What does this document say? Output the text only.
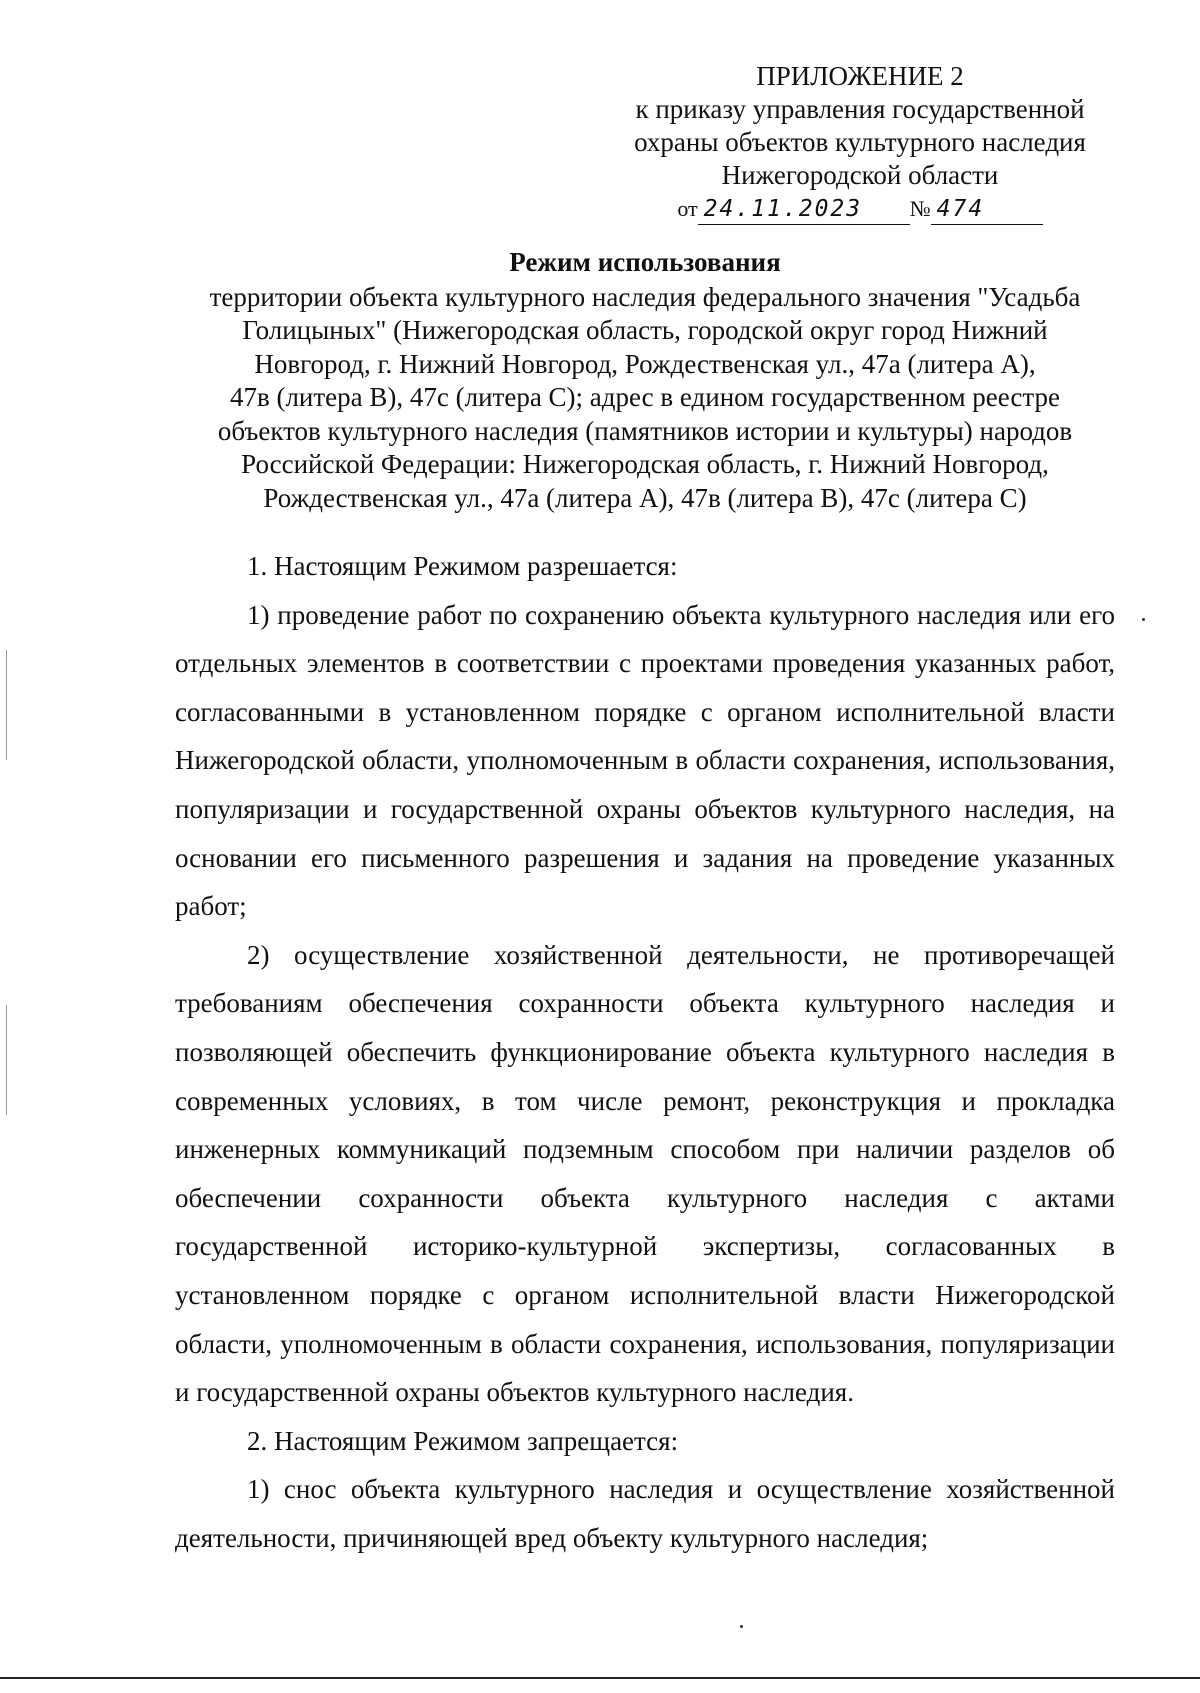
ПРИЛОЖЕНИЕ 2
к приказу управления государственной
охраны объектов культурного наследия
Нижегородской области
от 24.11.2023 № 474
Режим использования
территории объекта культурного наследия федерального значения "Усадьба
Голицыных" (Нижегородская область, городской округ город Нижний
Новгород, г. Нижний Новгород, Рождественская ул., 47а (литера А),
47в (литера В), 47с (литера С); адрес в едином государственном реестре
объектов культурного наследия (памятников истории и культуры) народов
Российской Федерации: Нижегородская область, г. Нижний Новгород,
Рождественская ул., 47а (литера А), 47в (литера В), 47с (литера С)

1. Настоящим Режимом разрешается:

1) проведение работ по сохранению объекта культурного наследия или его отдельных элементов в соответствии с проектами проведения указанных работ, согласованными в установленном порядке с органом исполнительной власти Нижегородской области, уполномоченным в области сохранения, использования, популяризации и государственной охраны объектов культурного наследия, на основании его письменного разрешения и задания на проведение указанных работ;

2) осуществление хозяйственной деятельности, не противоречащей требованиям обеспечения сохранности объекта культурного наследия и позволяющей обеспечить функционирование объекта культурного наследия в современных условиях, в том числе ремонт, реконструкция и прокладка инженерных коммуникаций подземным способом при наличии разделов об обеспечении сохранности объекта культурного наследия с актами государственной историко-культурной экспертизы, согласованных в установленном порядке с органом исполнительной власти Нижегородской области, уполномоченным в области сохранения, использования, популяризации и государственной охраны объектов культурного наследия.

2. Настоящим Режимом запрещается:

1) снос объекта культурного наследия и осуществление хозяйственной деятельности, причиняющей вред объекту культурного наследия;
